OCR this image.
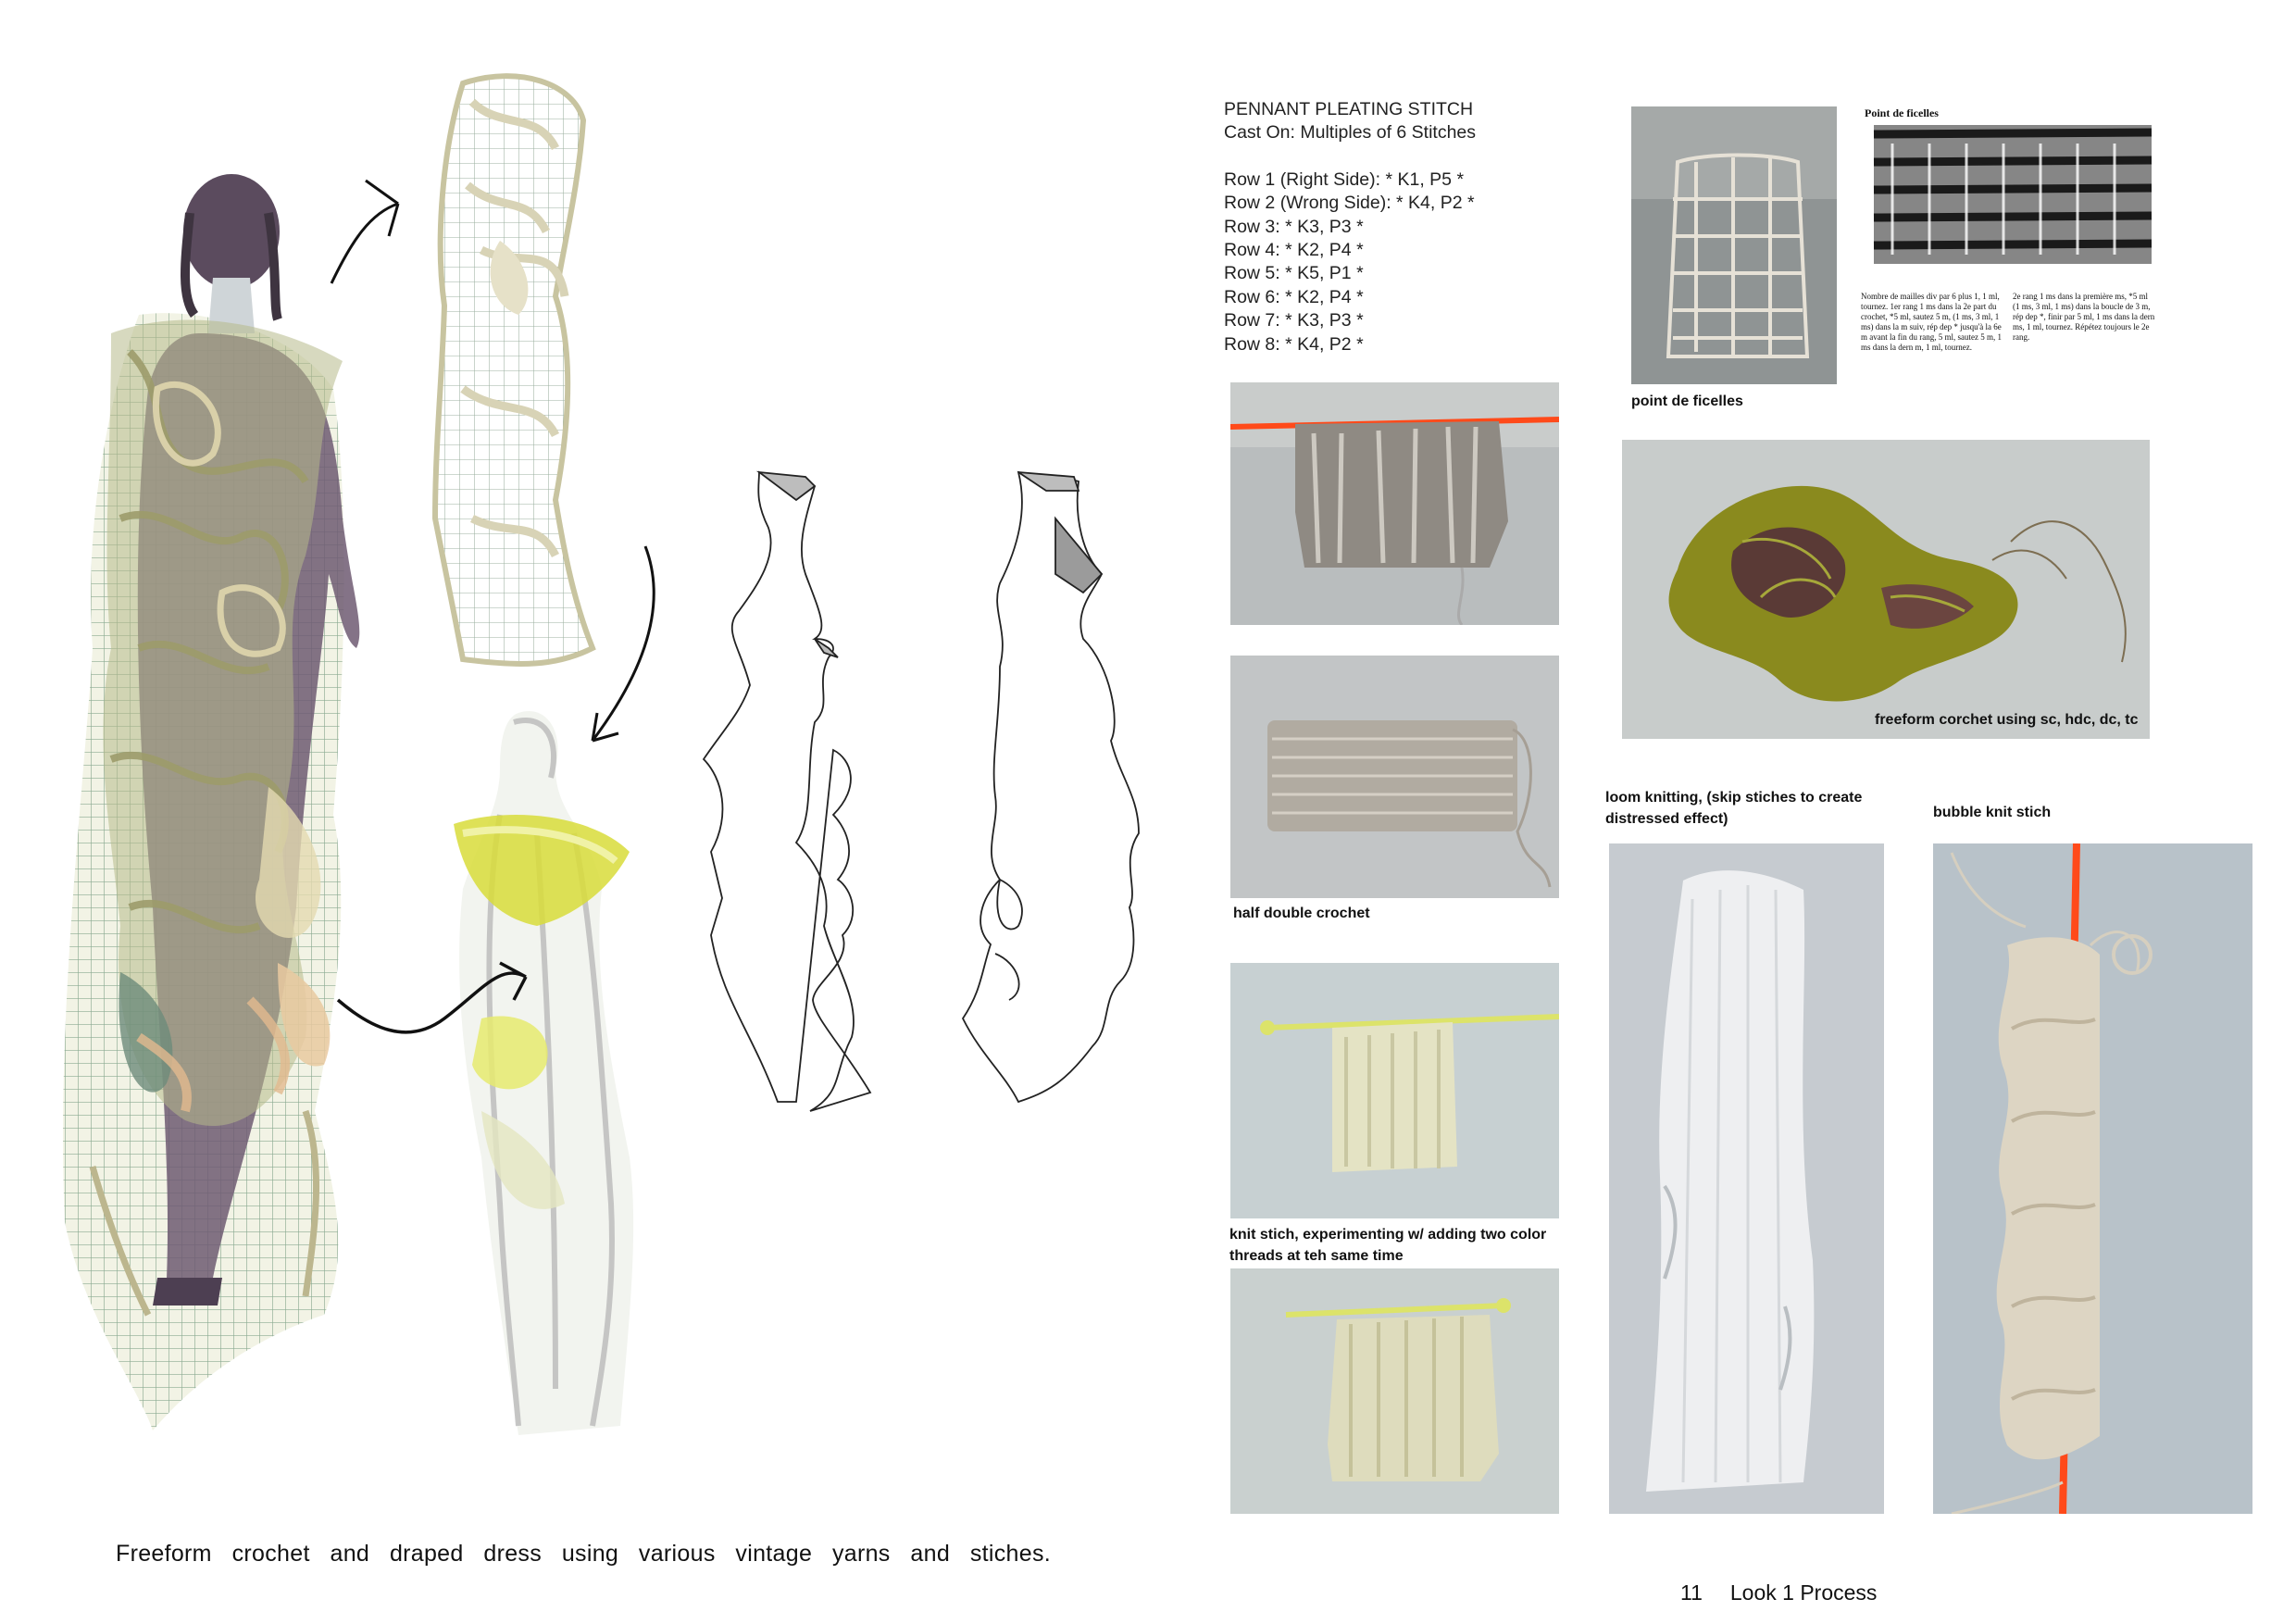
PENNANT PLEATING STITCH
Cast On: Multiples of 6 Stitches
Row 1 (Right Side): * K1, P5 *
Row 2 (Wrong Side): * K4, P2 *
Row 3: * K3, P3 *
Row 4: * K2, P4 *
Row 5: * K5, P1 *
Row 6: * K2, P4 *
Row 7: * K3, P3 *
Row 8: * K4, P2 *
half double crochet
knit stich, experimenting w/ adding two color threads at teh same time
point de ficelles
Point de ficelles
Nombre de mailles div par 6 plus 1, 1 ml, tournez. 1er rang 1 ms dans la 2e part du crochet, *5 ml, sautez 5 m, (1 ms, 3 ml, 1 ms) dans la m suiv, rép dep * jusqu'à la 6e m avant la fin du rang, 5 ml, sautez 5 m, 1 ms dans la dern m, 1 ml, tournez.
2e rang 1 ms dans la première ms, *5 ml (1 ms, 3 ml, 1 ms) dans la boucle de 3 m, rép dep *, finir par 5 ml, 1 ms dans la dern ms, 1 ml, tournez. Répétez toujours le 2e rang.
freeform corchet using sc, hdc, dc, tc
loom knitting, (skip stiches to create distressed effect)	bubble knit stich
Freeform crochet and draped dress using various vintage yarns and stiches.
11 Look 1 Process
